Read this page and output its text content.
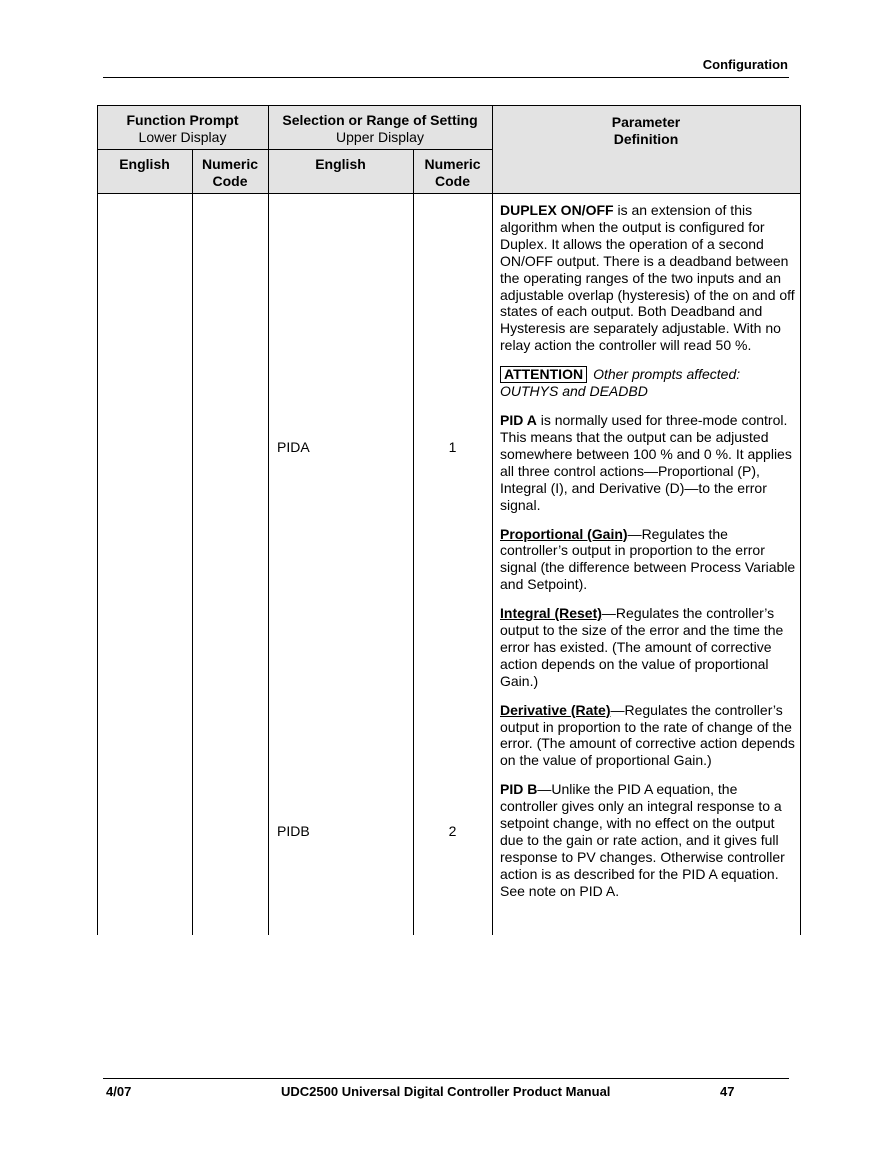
Configuration
Function Prompt
Lower Display
Selection or Range of Setting
Upper Display
Parameter
Definition
English	Numeric
Code
English	Numeric
Code
PIDA	1
PIDB	2

DUPLEX ON/OFF is an extension of this algorithm when the output is configured for Duplex. It allows the operation of a second ON/OFF output. There is a deadband between the operating ranges of the two inputs and an adjustable overlap (hysteresis) of the on and off states of each output. Both Deadband and Hysteresis are separately adjustable. With no relay action the controller will read 50 %.

ATTENTION Other prompts affected: OUTHYS and DEADBD

PID A is normally used for three-mode control. This means that the output can be adjusted somewhere between 100 % and 0 %. It applies all three control actions—Proportional (P), Integral (I), and Derivative (D)—to the error signal.

Proportional (Gain)—Regulates the controller’s output in proportion to the error signal (the difference between Process Variable and Setpoint).

Integral (Reset)—Regulates the controller’s output to the size of the error and the time the error has existed. (The amount of corrective action depends on the value of proportional Gain.)

Derivative (Rate)—Regulates the controller’s output in proportion to the rate of change of the error. (The amount of corrective action depends on the value of proportional Gain.)

PID B—Unlike the PID A equation, the controller gives only an integral response to a setpoint change, with no effect on the output due to the gain or rate action, and it gives full response to PV changes. Otherwise controller action is as described for the PID A equation. See note on PID A.

4/07	UDC2500 Universal Digital Controller Product Manual	47
